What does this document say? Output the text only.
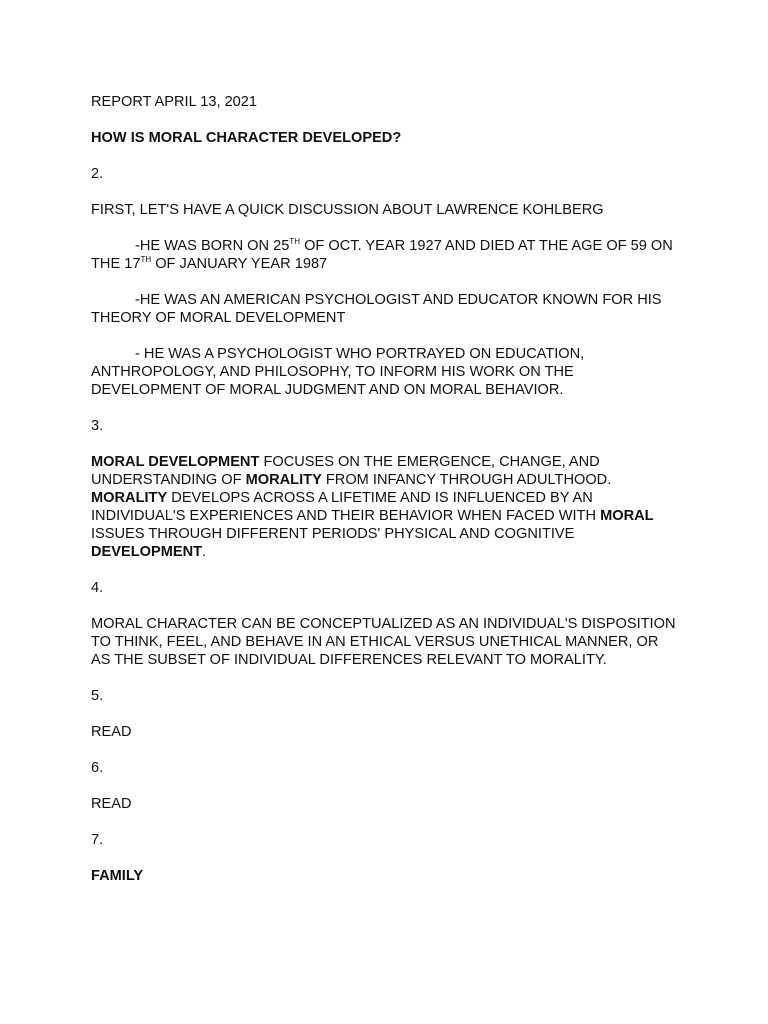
REPORT APRIL 13, 2021

HOW IS MORAL CHARACTER DEVELOPED?

2.

FIRST, LET'S HAVE A QUICK DISCUSSION ABOUT LAWRENCE KOHLBERG

-HE WAS BORN ON 25TH OF OCT. YEAR 1927 AND DIED AT THE AGE OF 59 ON THE 17TH OF JANUARY YEAR 1987

-HE WAS AN AMERICAN PSYCHOLOGIST AND EDUCATOR KNOWN FOR HIS THEORY OF MORAL DEVELOPMENT

- HE WAS A PSYCHOLOGIST WHO PORTRAYED ON EDUCATION, ANTHROPOLOGY, AND PHILOSOPHY, TO INFORM HIS WORK ON THE DEVELOPMENT OF MORAL JUDGMENT AND ON MORAL BEHAVIOR.

3.

MORAL DEVELOPMENT FOCUSES ON THE EMERGENCE, CHANGE, AND UNDERSTANDING OF MORALITY FROM INFANCY THROUGH ADULTHOOD. MORALITY DEVELOPS ACROSS A LIFETIME AND IS INFLUENCED BY AN INDIVIDUAL'S EXPERIENCES AND THEIR BEHAVIOR WHEN FACED WITH MORAL ISSUES THROUGH DIFFERENT PERIODS' PHYSICAL AND COGNITIVE DEVELOPMENT.

4.

MORAL CHARACTER CAN BE CONCEPTUALIZED AS AN INDIVIDUAL'S DISPOSITION TO THINK, FEEL, AND BEHAVE IN AN ETHICAL VERSUS UNETHICAL MANNER, OR AS THE SUBSET OF INDIVIDUAL DIFFERENCES RELEVANT TO MORALITY.

5.

READ

6.

READ

7.

FAMILY
